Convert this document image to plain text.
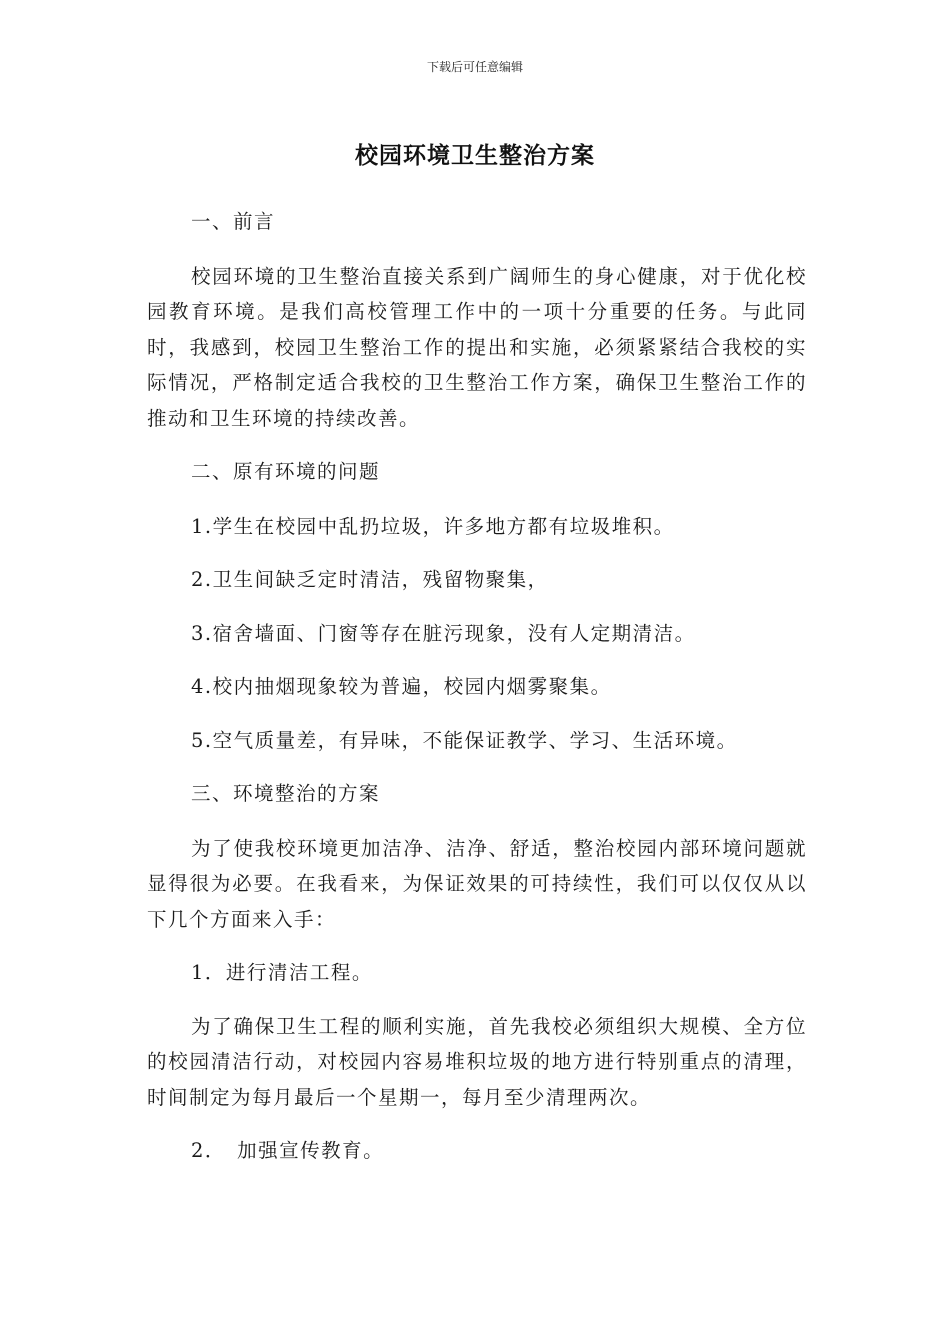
下载后可任意编辑
校园环境卫生整治方案

一、前言

校园环境的卫生整治直接关系到广阔师生的身心健康，对于优化校园教育环境。是我们高校管理工作中的一项十分重要的任务。与此同时，我感到，校园卫生整治工作的提出和实施，必须紧紧结合我校的实际情况，严格制定适合我校的卫生整治工作方案，确保卫生整治工作的推动和卫生环境的持续改善。

二、原有环境的问题

1.学生在校园中乱扔垃圾，许多地方都有垃圾堆积。

2.卫生间缺乏定时清洁，残留物聚集，

3.宿舍墙面、门窗等存在脏污现象，没有人定期清洁。

4.校内抽烟现象较为普遍，校园内烟雾聚集。

5.空气质量差，有异味，不能保证教学、学习、生活环境。

三、环境整治的方案

为了使我校环境更加洁净、洁净、舒适，整治校园内部环境问题就显得很为必要。在我看来，为保证效果的可持续性，我们可以仅仅从以下几个方面来入手：

1．进行清洁工程。

为了确保卫生工程的顺利实施，首先我校必须组织大规模、全方位的校园清洁行动，对校园内容易堆积垃圾的地方进行特别重点的清理，时间制定为每月最后一个星期一，每月至少清理两次。

2．　加强宣传教育。
